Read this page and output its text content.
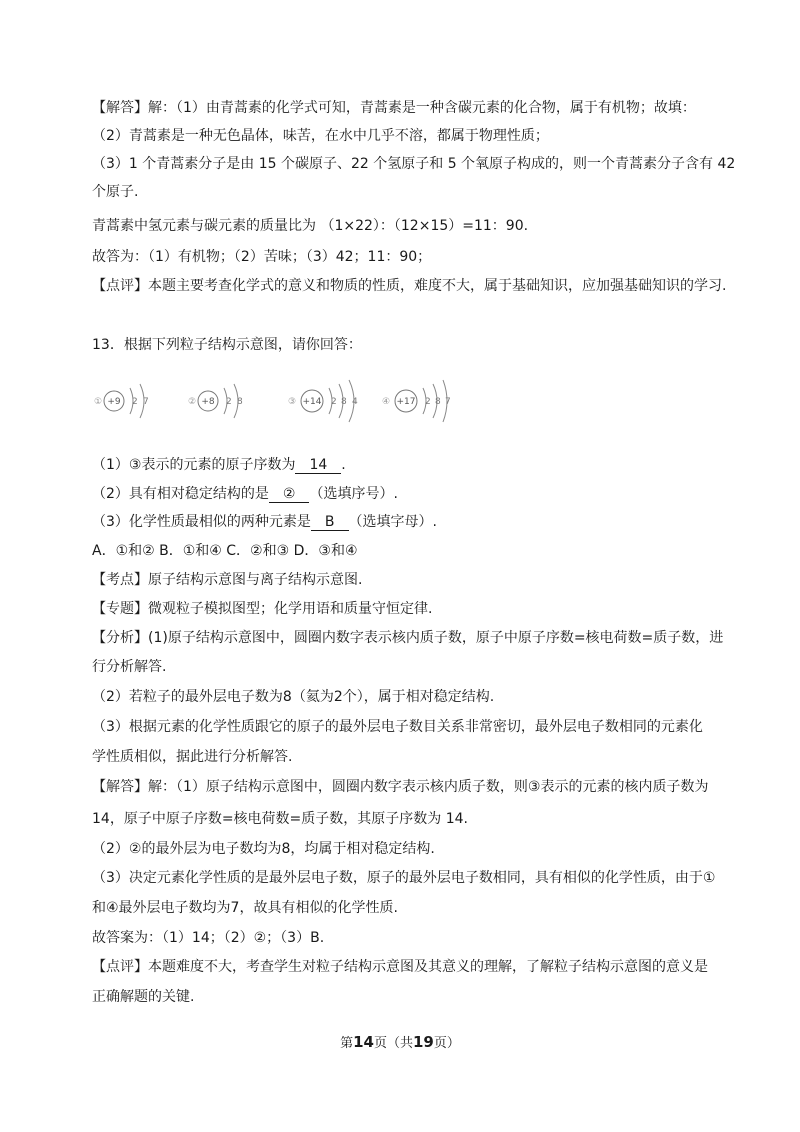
【解答】解：（1）由青蒿素的化学式可知，青蒿素是一种含碳元素的化合物，属于有机物；故填：
（2）青蒿素是一种无色晶体，味苦，在水中几乎不溶，都属于物理性质；
（3）1 个青蒿素分子是由 15 个碳原子、22 个氢原子和 5 个氧原子构成的，则一个青蒿素分子含有 42
个原子.
青蒿素中氢元素与碳元素的质量比为 （1×22）：（12×15）=11：90.
故答为：（1）有机物；（2）苦味；（3）42；11：90；
【点评】本题主要考查化学式的意义和物质的性质，难度不大，属于基础知识，应加强基础知识的学习.
13．根据下列粒子结构示意图，请你回答：
① +9 2 7	② +8 2 8	③ +14 2 8 4	④ +17 2 8 7
（1）③表示的元素的原子序数为 14 .
（2）具有相对稳定结构的是 ② （选填序号）.
（3）化学性质最相似的两种元素是 B （选填字母）.
A．①和② B．①和④ C．②和③ D．③和④
【考点】原子结构示意图与离子结构示意图.
【专题】微观粒子模拟图型；化学用语和质量守恒定律.
【分析】(1)原子结构示意图中，圆圈内数字表示核内质子数，原子中原子序数=核电荷数=质子数，进
行分析解答.
（2）若粒子的最外层电子数为8（氦为2个），属于相对稳定结构.
（3）根据元素的化学性质跟它的原子的最外层电子数目关系非常密切，最外层电子数相同的元素化
学性质相似，据此进行分析解答.
【解答】解：（1）原子结构示意图中，圆圈内数字表示核内质子数，则③表示的元素的核内质子数为
14，原子中原子序数=核电荷数=质子数，其原子序数为 14.
（2）②的最外层为电子数均为8，均属于相对稳定结构.
（3）决定元素化学性质的是最外层电子数，原子的最外层电子数相同，具有相似的化学性质，由于①
和④最外层电子数均为7，故具有相似的化学性质.
故答案为：（1）14；（2）②；（3）B.
【点评】本题难度不大，考查学生对粒子结构示意图及其意义的理解，了解粒子结构示意图的意义是
正确解题的关键.
第14页（共19页）
